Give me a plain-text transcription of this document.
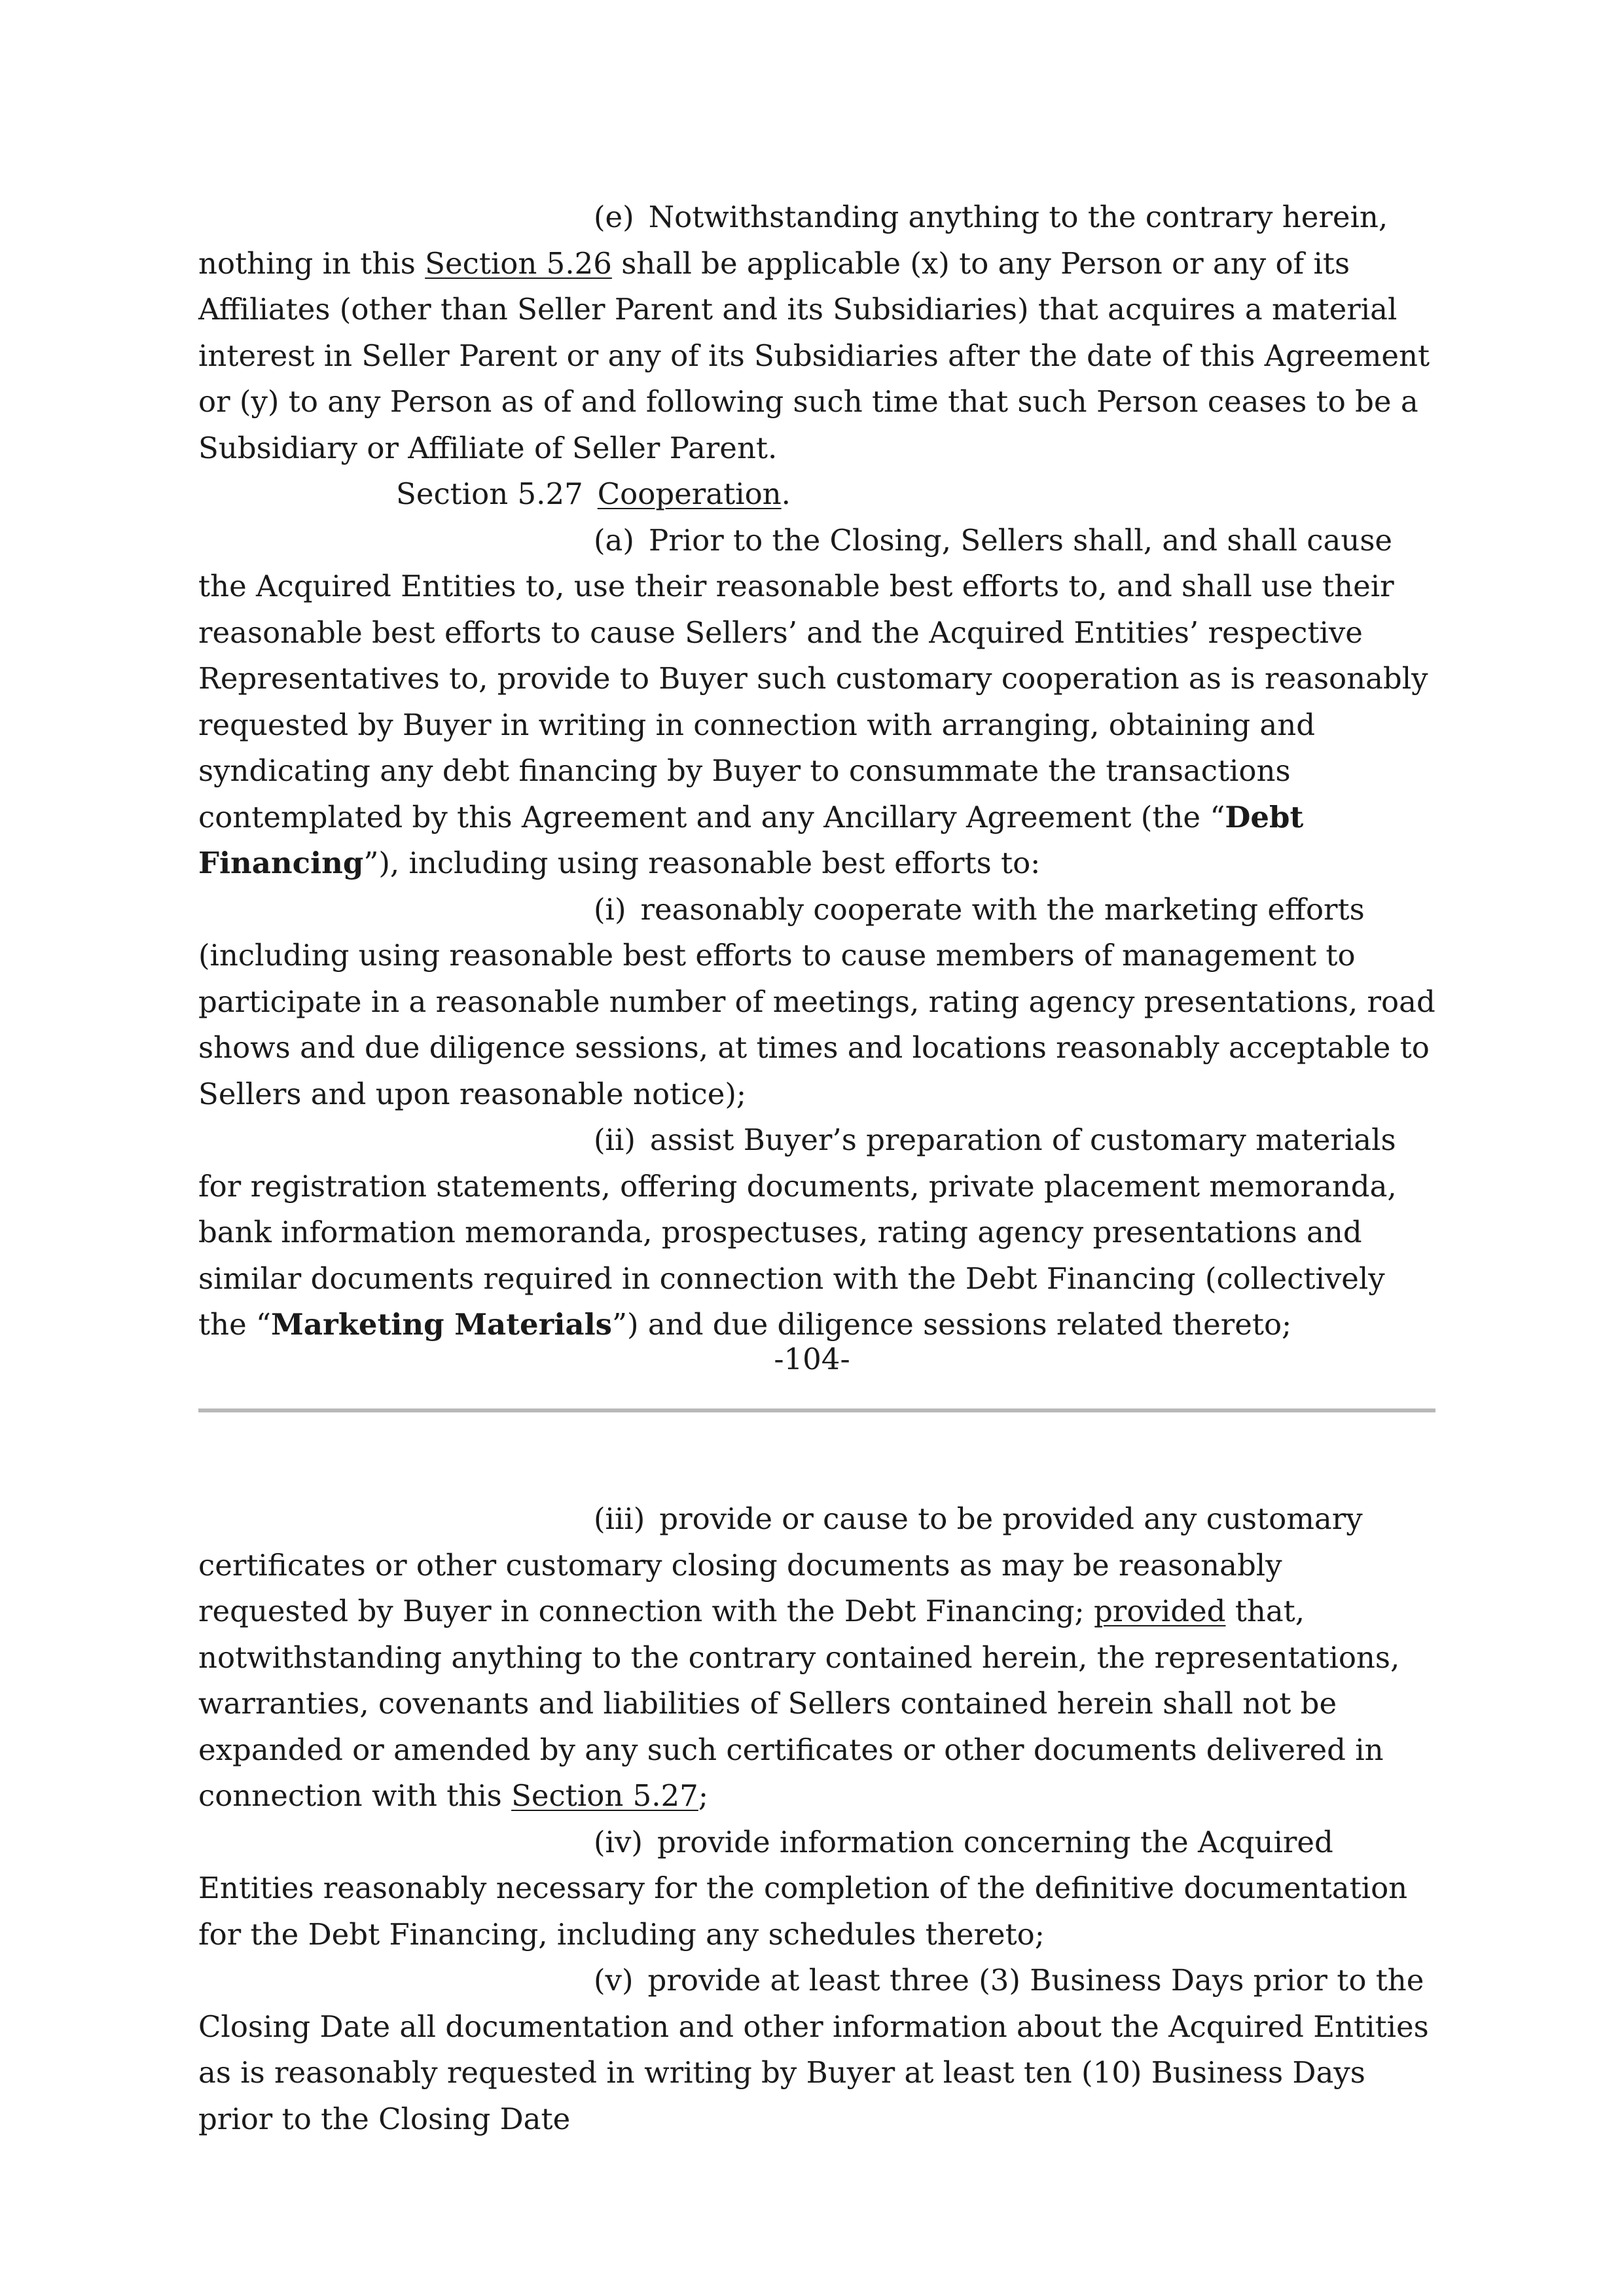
(e) Notwithstanding anything to the contrary herein, nothing in this Section 5.26 shall be applicable (x) to any Person or any of its Affiliates (other than Seller Parent and its Subsidiaries) that acquires a material interest in Seller Parent or any of its Subsidiaries after the date of this Agreement or (y) to any Person as of and following such time that such Person ceases to be a Subsidiary or Affiliate of Seller Parent.

Section 5.27 Cooperation.

(a) Prior to the Closing, Sellers shall, and shall cause the Acquired Entities to, use their reasonable best efforts to, and shall use their reasonable best efforts to cause Sellers’ and the Acquired Entities’ respective Representatives to, provide to Buyer such customary cooperation as is reasonably requested by Buyer in writing in connection with arranging, obtaining and syndicating any debt financing by Buyer to consummate the transactions contemplated by this Agreement and any Ancillary Agreement (the “Debt Financing”), including using reasonable best efforts to:

(i) reasonably cooperate with the marketing efforts (including using reasonable best efforts to cause members of management to participate in a reasonable number of meetings, rating agency presentations, road shows and due diligence sessions, at times and locations reasonably acceptable to Sellers and upon reasonable notice);

(ii) assist Buyer’s preparation of customary materials for registration statements, offering documents, private placement memoranda, bank information memoranda, prospectuses, rating agency presentations and similar documents required in connection with the Debt Financing (collectively the “Marketing Materials”) and due diligence sessions related thereto;

-104-

(iii) provide or cause to be provided any customary certificates or other customary closing documents as may be reasonably requested by Buyer in connection with the Debt Financing; provided that, notwithstanding anything to the contrary contained herein, the representations, warranties, covenants and liabilities of Sellers contained herein shall not be expanded or amended by any such certificates or other documents delivered in connection with this Section 5.27;

(iv) provide information concerning the Acquired Entities reasonably necessary for the completion of the definitive documentation for the Debt Financing, including any schedules thereto;

(v) provide at least three (3) Business Days prior to the Closing Date all documentation and other information about the Acquired Entities as is reasonably requested in writing by Buyer at least ten (10) Business Days prior to the Closing Date
